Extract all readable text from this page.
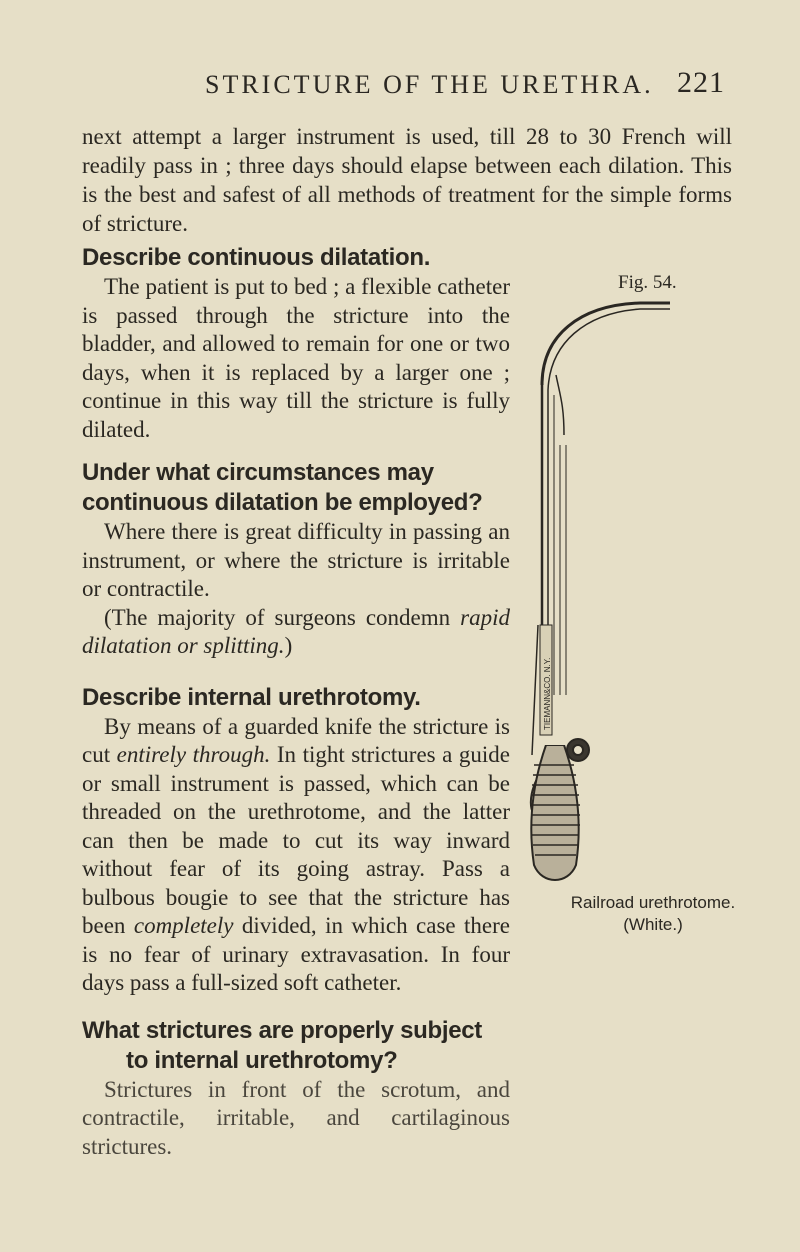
STRICTURE OF THE URETHRA. 221

next attempt a larger instrument is used, till 28 to 30 French will readily pass in ; three days should elapse between each dilation. This is the best and safest of all methods of treatment for the simple forms of stricture.

Describe continuous dilatation.

The patient is put to bed ; a flexible catheter is passed through the stricture into the bladder, and allowed to remain for one or two days, when it is replaced by a larger one ; continue in this way till the stricture is fully dilated.

Under what circumstances may continuous dilatation be employed?

Where there is great difficulty in passing an instrument, or where the stricture is irritable or contractile.

(The majority of surgeons condemn rapid dilatation or splitting.)

Describe internal urethrotomy.

By means of a guarded knife the stricture is cut entirely through. In tight strictures a guide or small instrument is passed, which can be threaded on the urethrotome, and the latter can then be made to cut its way inward without fear of its going astray. Pass a bulbous bougie to see that the stricture has been completely divided, in which case there is no fear of urinary extravasation. In four days pass a full-sized soft catheter.

What strictures are properly subject to internal urethrotomy?

Strictures in front of the scrotum, and contractile, irritable, and cartilaginous strictures.

Fig. 54.
TIEMANN&CO. N.Y.
Railroad urethrotome.
(White.)
